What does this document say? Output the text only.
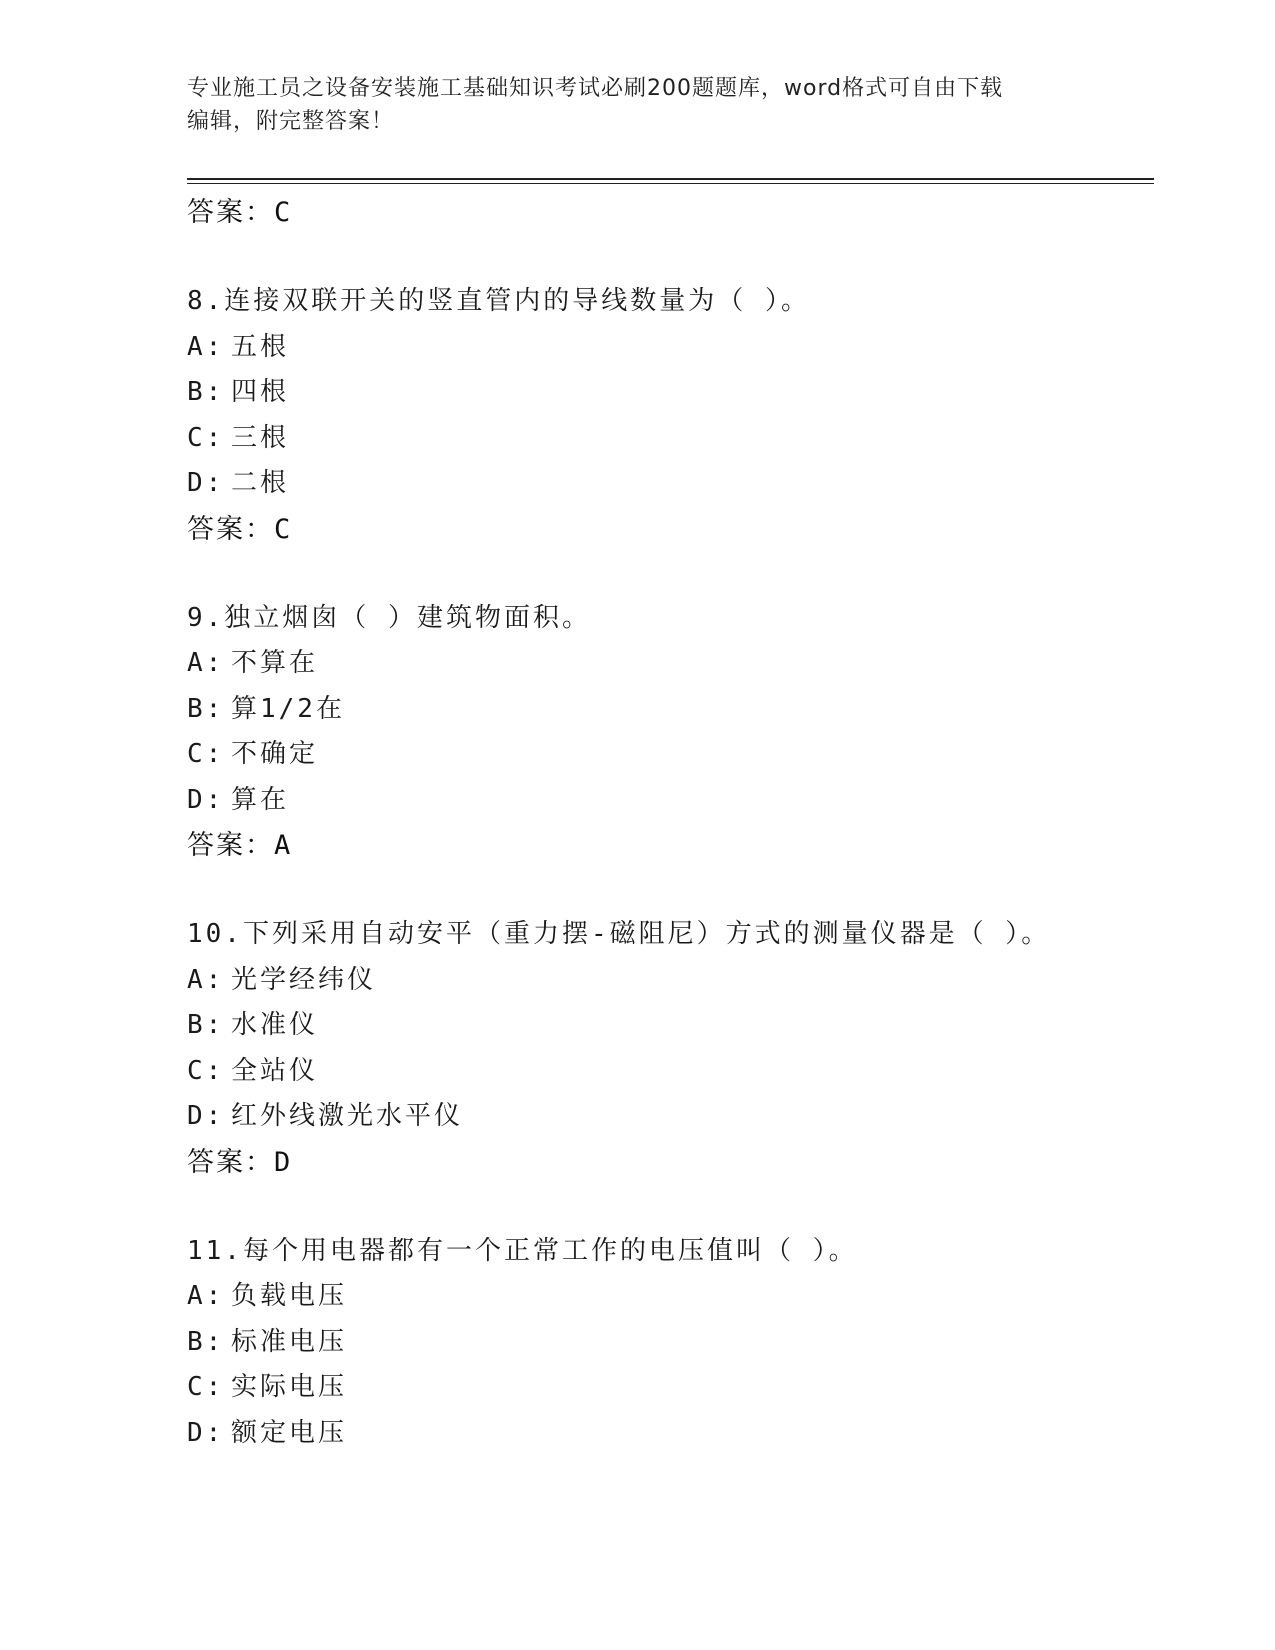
专业施工员之设备安装施工基础知识考试必刷200题题库，word格式可自由下载
编辑，附完整答案！
答案：C
8.连接双联开关的竖直管内的导线数量为（ ）。
A: 五根
B: 四根
C: 三根
D: 二根
答案：C
9.独立烟囱（ ）建筑物面积。
A: 不算在
B: 算1/2在
C: 不确定
D: 算在
答案：A
10.下列采用自动安平（重力摆-磁阻尼）方式的测量仪器是（ ）。
A: 光学经纬仪
B: 水准仪
C: 全站仪
D: 红外线激光水平仪
答案：D
11.每个用电器都有一个正常工作的电压值叫（ ）。
A: 负载电压
B: 标准电压
C: 实际电压
D: 额定电压
